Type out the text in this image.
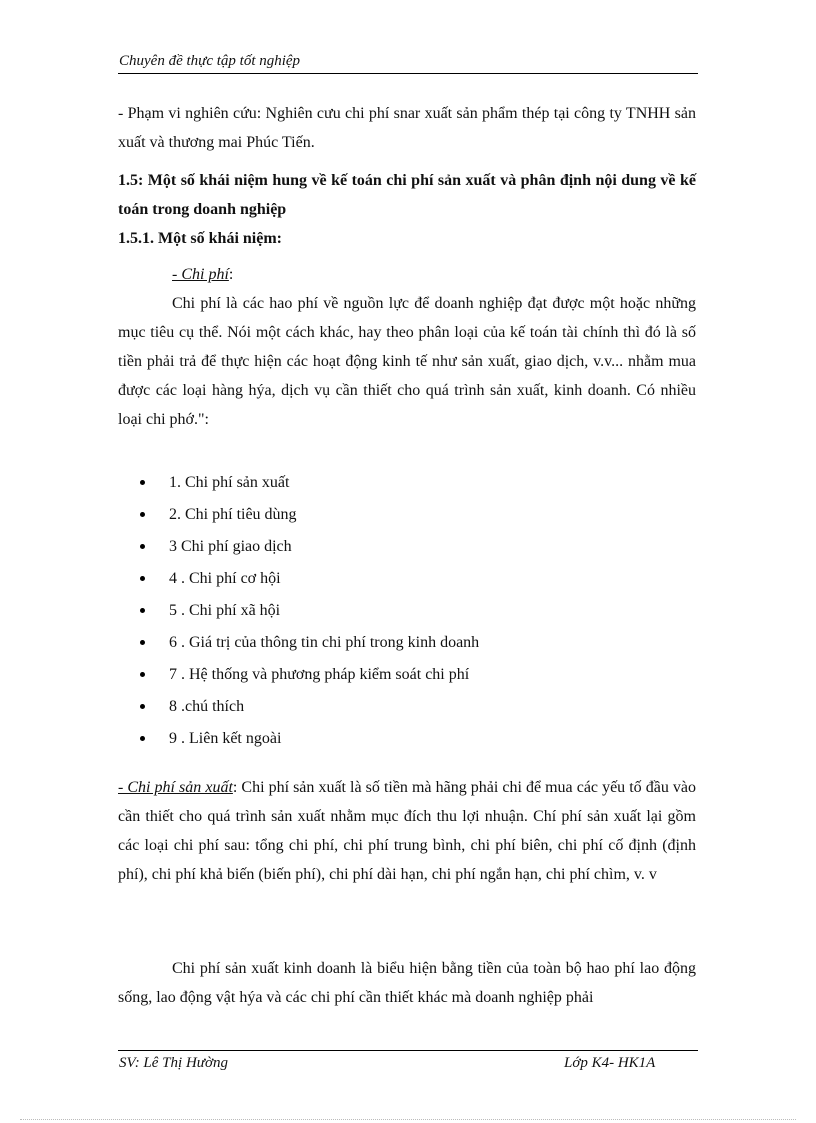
Chuyên đề thực tập tốt nghiệp

- Phạm vi nghiên cứu: Nghiên cưu chi phí snar xuất sản phẩm thép tại công ty TNHH sản xuất và thương mai Phúc Tiến.

1.5: Một số khái niệm hung về kế toán chi phí sản xuất và phân định nội dung về kế toán trong doanh nghiệp

1.5.1. Một số khái niệm:

- Chi phí:

Chi phí là các hao phí về nguồn lực để doanh nghiệp đạt được một hoặc những mục tiêu cụ thể. Nói một cách khác, hay theo phân loại của kế toán tài chính thì đó là số tiền phải trả để thực hiện các hoạt động kinh tế như sản xuất, giao dịch, v.v... nhằm mua được các loại hàng hýa, dịch vụ cần thiết cho quá trình sản xuất, kinh doanh. Có nhiều loại chi phớ.":

1. Chi phí sản xuất
2. Chi phí tiêu dùng
3 Chi phí giao dịch
4 . Chi phí cơ hội
5 . Chi phí xã hội
6 . Giá trị của thông tin chi phí trong kinh doanh
7 . Hệ thống và phương pháp kiểm soát chi phí
8 .chú thích
9 . Liên kết ngoài

- Chi phí sản xuất: Chi phí sản xuất là số tiền mà hãng phải chi để mua các yếu tố đầu vào cần thiết cho quá trình sản xuất nhằm mục đích thu lợi nhuận. Chí phí sản xuất lại gồm các loại chi phí sau: tổng chi phí, chi phí trung bình, chi phí biên, chi phí cố định (định phí), chi phí khả biến (biến phí), chi phí dài hạn, chi phí ngắn hạn, chi phí chìm, v. v

Chi phí sản xuất kinh doanh là biểu hiện bằng tiền của toàn bộ hao phí lao động sống, lao động vật hýa và các chi phí cần thiết khác mà doanh nghiệp phải

SV: Lê Thị Hường	Lớp K4- HK1A
